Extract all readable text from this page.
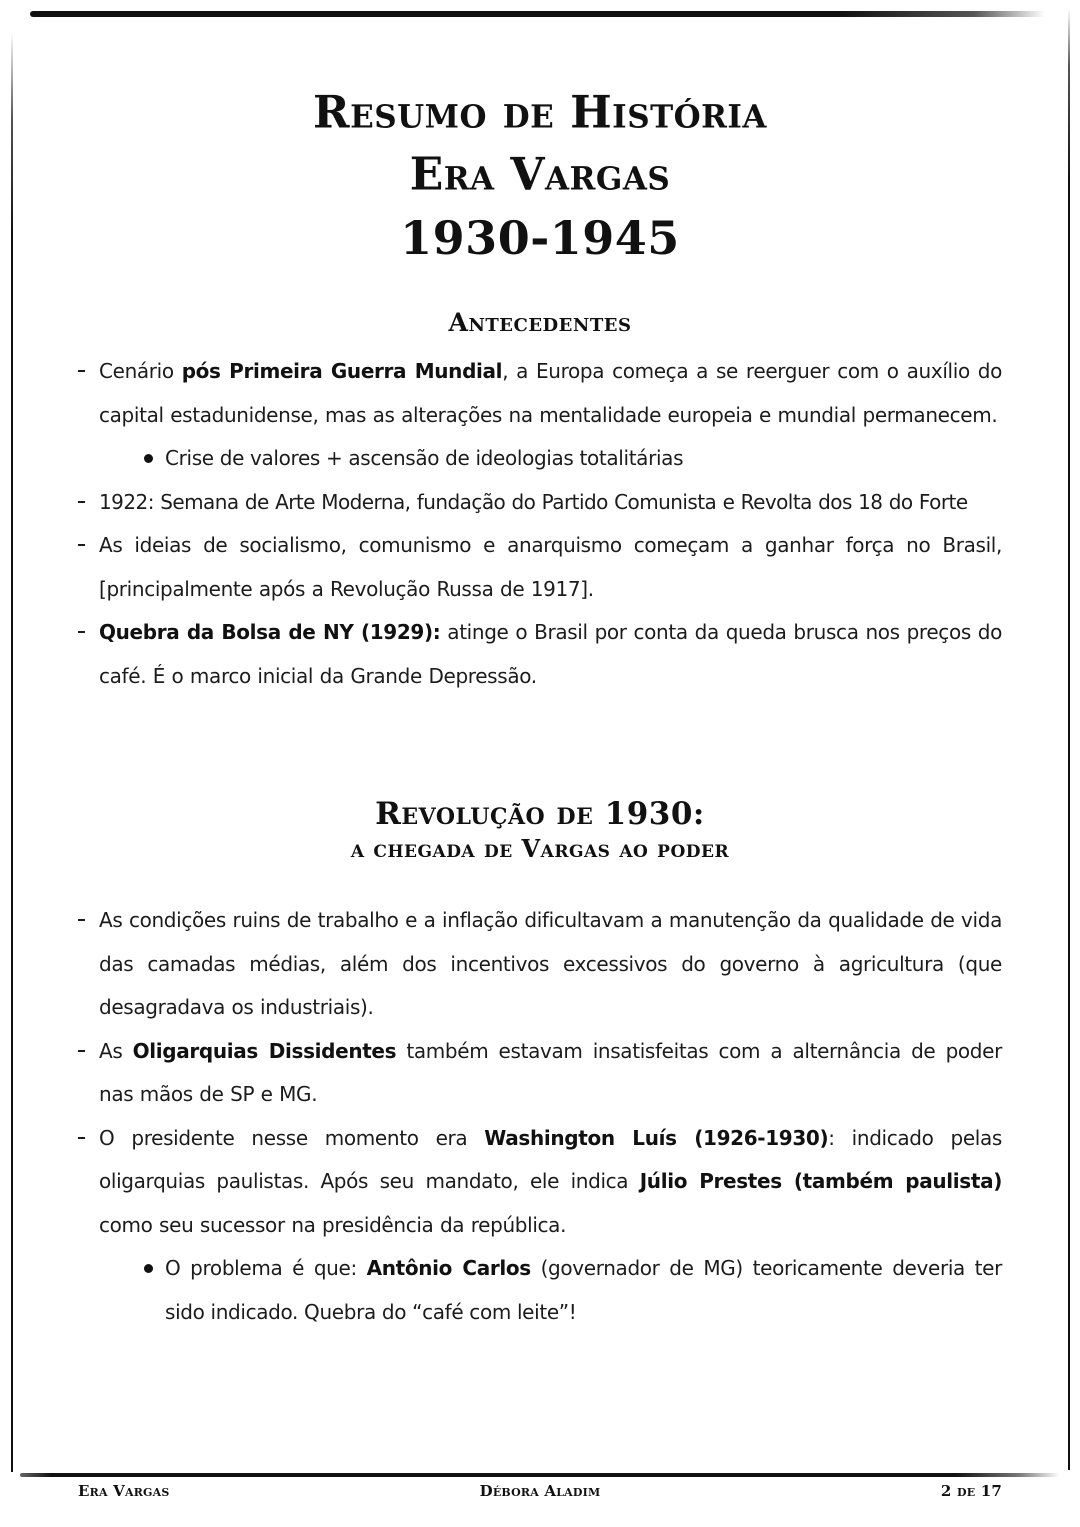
Resumo de História
Era Vargas
1930-1945
Antecedentes
Cenário pós Primeira Guerra Mundial, a Europa começa a se reerguer com o auxílio do capital estadunidense, mas as alterações na mentalidade europeia e mundial permanecem.
Crise de valores + ascensão de ideologias totalitárias
1922: Semana de Arte Moderna, fundação do Partido Comunista e Revolta dos 18 do Forte
As ideias de socialismo, comunismo e anarquismo começam a ganhar força no Brasil, [principalmente após a Revolução Russa de 1917].
Quebra da Bolsa de NY (1929): atinge o Brasil por conta da queda brusca nos preços do café. É o marco inicial da Grande Depressão.
Revolução de 1930:
a chegada de Vargas ao poder
As condições ruins de trabalho e a inflação dificultavam a manutenção da qualidade de vida das camadas médias, além dos incentivos excessivos do governo à agricultura (que desagradava os industriais).
As Oligarquias Dissidentes também estavam insatisfeitas com a alternância de poder nas mãos de SP e MG.
O presidente nesse momento era Washington Luís (1926-1930): indicado pelas oligarquias paulistas. Após seu mandato, ele indica Júlio Prestes (também paulista) como seu sucessor na presidência da república.
O problema é que: Antônio Carlos (governador de MG) teoricamente deveria ter sido indicado. Quebra do “café com leite”!
Era Vargas	Débora Aladim	2 de 17
